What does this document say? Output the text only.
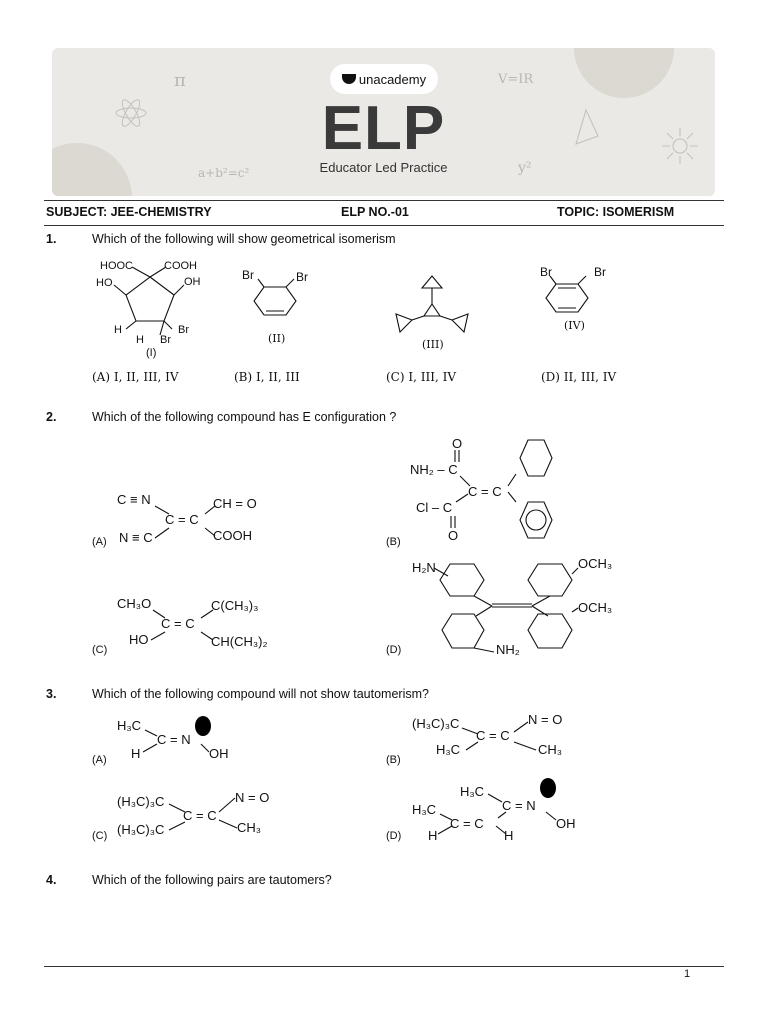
π	V=IR
a+b²=c²	y²
unacademy
ELP
Educator Led Practice
SUBJECT: JEE-CHEMISTRY	ELP NO.-01	TOPIC: ISOMERISM
1.	Which of the following will show geometrical isomerism
HOOC	COOH
HO	OH
H
H
Br
Br
(I)
Br	Br
(II)	(III)
Br	Br
(IV)
(A) I, II, III, IV	(B) I, II, III	(C) I, III, IV	(D) II, III, IV
2.	Which of the following compound has E configuration ?
C ≡ N	CH = O
C = C
N ≡ C	COOH
(A)
O
NH₂ – C
C = C
Cl – C
O
(B)
CH₃O	C(CH₃)₃
C = C
HO	CH(CH₃)₂
(C)
H₂N
NH₂
OCH₃
OCH₃
(D)
3.	Which of the following compound will not show tautomerism?
H₃C
C = N
H	OH
(A)
(H₃C)₃C	N = O
C = C
H₃C	CH₃
(B)
(H₃C)₃C	N = O
C = C
(H₃C)₃C	CH₃
(C)
H₃C
C = N
OH
H₃C
C = C
H	H
(D)
4.	Which of the following pairs are tautomers?
1
